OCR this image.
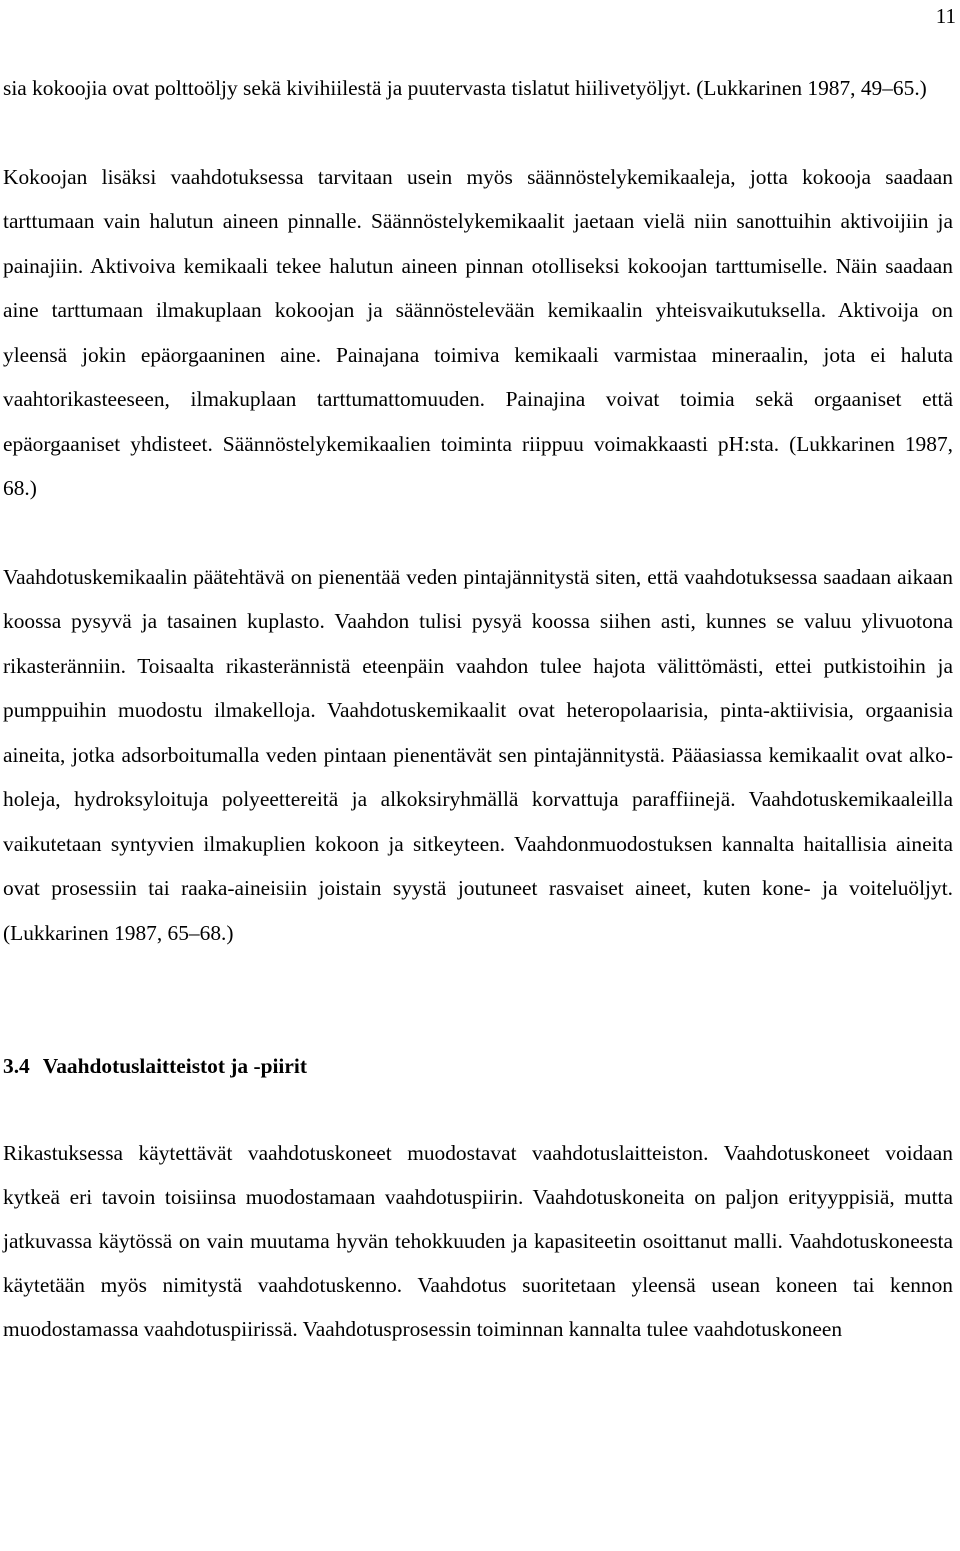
11

sia kokoojia ovat polttoöljy sekä kivihiilestä ja puutervasta tislatut hiilivetyöljyt. (Lukkarinen 1987, 49–65.)

Kokoojan lisäksi vaahdotuksessa tarvitaan usein myös säännöstelykemikaaleja, jotta kokooja saadaan tarttumaan vain halutun aineen pinnalle. Säännöstelykemikaalit jaetaan vielä niin sanottuihin aktivoijiin ja painajiin. Aktivoiva kemikaali tekee halutun aineen pinnan otolliseksi kokoojan tarttumiselle. Näin saadaan aine tarttumaan ilmakuplaan kokoojan ja säännöstelevään kemikaalin yhteisvaikutuksella. Aktivoija on yleensä jokin epäorgaaninen aine. Painajana toimiva kemikaali varmistaa mineraalin, jota ei haluta vaahtorikasteeseen, ilmakuplaan tarttumattomuuden. Painajina voivat toimia sekä orgaaniset että epäorgaaniset yhdisteet. Säännöstelykemikaalien toiminta riippuu voimakkaasti pH:sta. (Lukkarinen 1987, 68.)

Vaahdotuskemikaalin päätehtävä on pienentää veden pintajännitystä siten, että vaahdotuksessa saadaan aikaan koossa pysyvä ja tasainen kuplasto. Vaahdon tulisi pysyä koossa siihen asti, kunnes se valuu ylivuotona rikasteränniin. Toisaalta rikasterännistä eteenpäin vaahdon tulee hajota välittömästi, ettei putkistoihin ja pumppuihin muodostu ilmakelloja. Vaahdotuskemikaalit ovat heteropolaarisia, pinta-aktiivisia, orgaanisia aineita, jotka adsorboitumalla veden pintaan pienentävät sen pintajännitystä. Pääasiassa kemikaalit ovat alkoholeja, hydroksyloituja polyeettereitä ja alkoksiryhmällä korvattuja paraffiinejä. Vaahdotuskemikaaleilla vaikutetaan syntyvien ilmakuplien kokoon ja sitkeyteen. Vaahdonmuodostuksen kannalta haitallisia aineita ovat prosessiin tai raaka-aineisiin joistain syystä joutuneet rasvaiset aineet, kuten kone- ja voiteluöljyt. (Lukkarinen 1987, 65–68.)

3.4 Vaahdotuslaitteistot ja -piirit

Rikastuksessa käytettävät vaahdotuskoneet muodostavat vaahdotuslaitteiston. Vaahdotuskoneet voidaan kytkeä eri tavoin toisiinsa muodostamaan vaahdotuspiirin. Vaahdotuskoneita on paljon erityyppisiä, mutta jatkuvassa käytössä on vain muutama hyvän tehokkuuden ja kapasiteetin osoittanut malli. Vaahdotuskoneesta käytetään myös nimitystä vaahdotuskenno. Vaahdotus suoritetaan yleensä usean koneen tai kennon muodostamassa vaahdotuspiirissä. Vaahdotusprosessin toiminnan kannalta tulee vaahdotuskoneen
